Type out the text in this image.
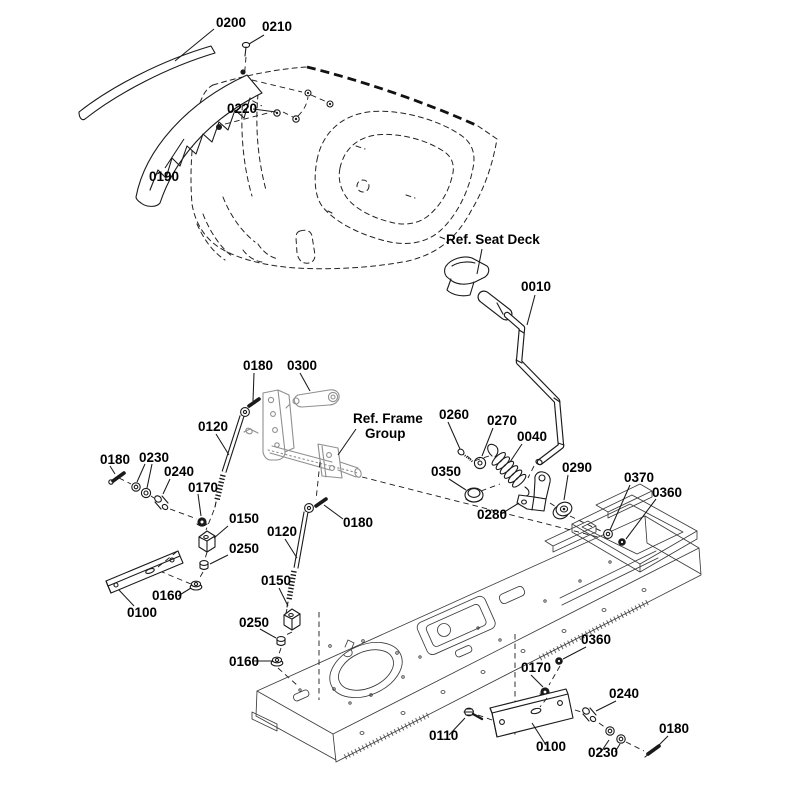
0200 0210
0220
0190
Ref. Seat Deck
0010
0180 0300
Ref. Frame
Group
0120
0260 0270
0040
0290
0350
0280
0370
0360
0180 0230
0240
0170
0150
0250
0160
0100
0180
0120
0150
0250
0160
0360
0170
0110
0100
0240
0230
0180
